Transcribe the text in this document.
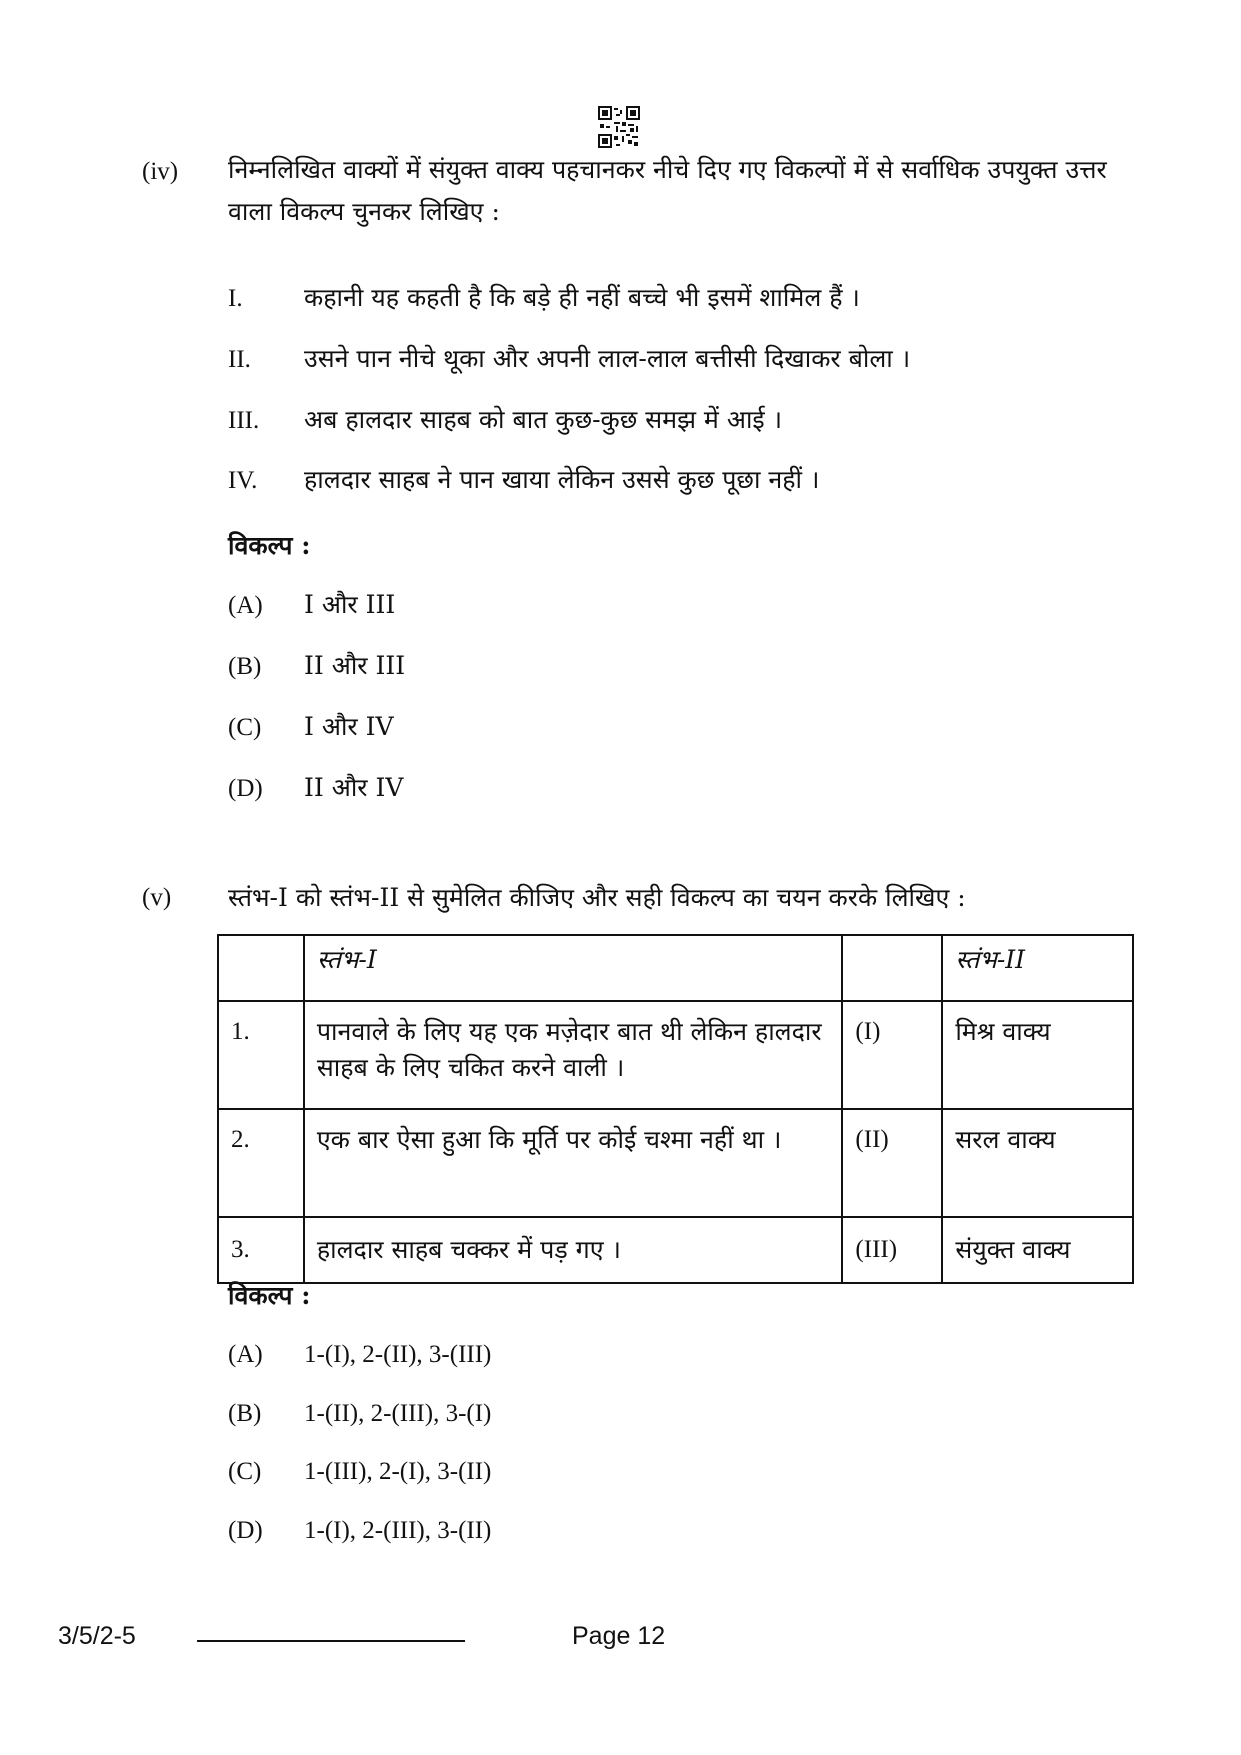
(iv) निम्नलिखित वाक्यों में संयुक्त वाक्य पहचानकर नीचे दिए गए विकल्पों में से सर्वाधिक उपयुक्त उत्तर वाला विकल्प चुनकर लिखिए :
I. कहानी यह कहती है कि बड़े ही नहीं बच्चे भी इसमें शामिल हैं ।
II. उसने पान नीचे थूका और अपनी लाल-लाल बत्तीसी दिखाकर बोला ।
III. अब हालदार साहब को बात कुछ-कुछ समझ में आई ।
IV. हालदार साहब ने पान खाया लेकिन उससे कुछ पूछा नहीं ।
विकल्प :
(A) I और III
(B) II और III
(C) I और IV
(D) II और IV
(v) स्तंभ-I को स्तंभ-II से सुमेलित कीजिए और सही विकल्प का चयन करके लिखिए :
	स्तंभ-I		स्तंभ-II
1.	पानवाले के लिए यह एक मज़ेदार बात थी लेकिन हालदार साहब के लिए चकित करने वाली ।	(I)	मिश्र वाक्य
2.	एक बार ऐसा हुआ कि मूर्ति पर कोई चश्मा नहीं था ।	(II)	सरल वाक्य
3.	हालदार साहब चक्कर में पड़ गए ।	(III)	संयुक्त वाक्य
विकल्प :
(A) 1-(I), 2-(II), 3-(III)
(B) 1-(II), 2-(III), 3-(I)
(C) 1-(III), 2-(I), 3-(II)
(D) 1-(I), 2-(III), 3-(II)
3/5/2-5	Page 12
